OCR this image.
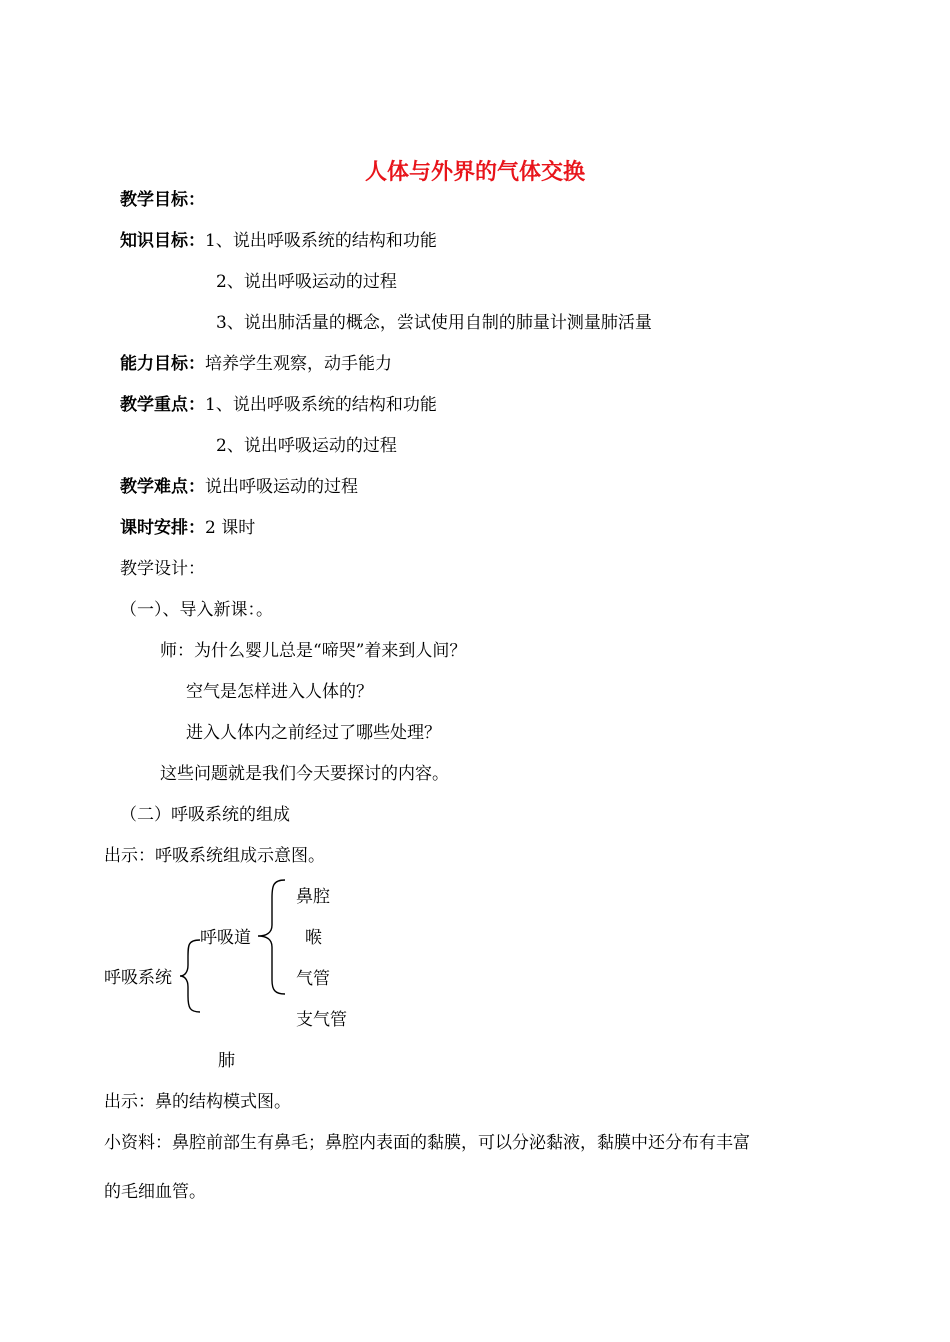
人体与外界的气体交换
教学目标：
知识目标：1、说出呼吸系统的结构和功能
2、说出呼吸运动的过程
3、说出肺活量的概念，尝试使用自制的肺量计测量肺活量
能力目标：培养学生观察，动手能力
教学重点：1、说出呼吸系统的结构和功能
2、说出呼吸运动的过程
教学难点：说出呼吸运动的过程
课时安排：2 课时
教学设计：
（一）、导入新课：。
师：为什么婴儿总是“啼哭”着来到人间？
空气是怎样进入人体的？
进入人体内之前经过了哪些处理？
这些问题就是我们今天要探讨的内容。
（二）呼吸系统的组成
出示：呼吸系统组成示意图。
呼吸系统
呼吸道
鼻腔
喉
气管
支气管
肺
出示：鼻的结构模式图。
小资料：鼻腔前部生有鼻毛；鼻腔内表面的黏膜，可以分泌黏液，黏膜中还分布有丰富
的毛细血管。
